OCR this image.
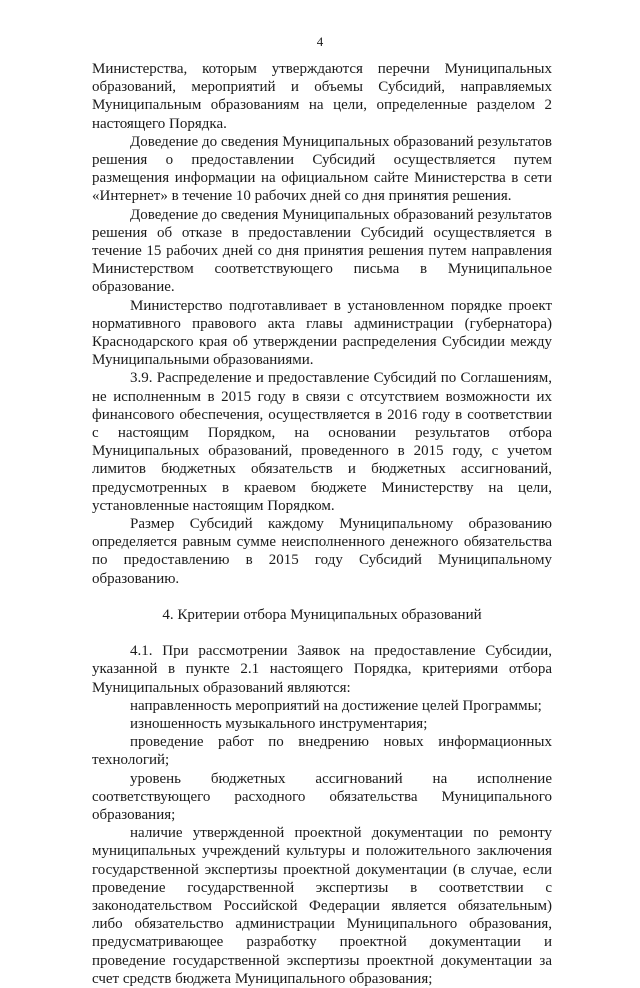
4

Министерства, которым утверждаются перечни Муниципальных образований, мероприятий и объемы Субсидий, направляемых Муниципальным образованиям на цели, определенные разделом 2 настоящего Порядка.

Доведение до сведения Муниципальных образований результатов решения о предоставлении Субсидий осуществляется путем размещения информации на официальном сайте Министерства в сети «Интернет» в течение 10 рабочих дней со дня принятия решения.

Доведение до сведения Муниципальных образований результатов решения об отказе в предоставлении Субсидий осуществляется в течение 15 рабочих дней со дня принятия решения путем направления Министерством соответствующего письма в Муниципальное образование.

Министерство подготавливает в установленном порядке проект нормативного правового акта главы администрации (губернатора) Краснодарского края об утверждении распределения Субсидии между Муниципальными образованиями.

3.9. Распределение и предоставление Субсидий по Соглашениям, не исполненным в 2015 году в связи с отсутствием возможности их финансового обеспечения, осуществляется в 2016 году в соответствии с настоящим Порядком, на основании результатов отбора Муниципальных образований, проведенного в 2015 году, с учетом лимитов бюджетных обязательств и бюджетных ассигнований, предусмотренных в краевом бюджете Министерству на цели, установленные настоящим Порядком.

Размер Субсидий каждому Муниципальному образованию определяется равным сумме неисполненного денежного обязательства по предоставлению в 2015 году Субсидий Муниципальному образованию.

4. Критерии отбора Муниципальных образований

4.1. При рассмотрении Заявок на предоставление Субсидии, указанной в пункте 2.1 настоящего Порядка, критериями отбора Муниципальных образований являются:

направленность мероприятий на достижение целей Программы;

изношенность музыкального инструментария;

проведение работ по внедрению новых информационных технологий;

уровень бюджетных ассигнований на исполнение соответствующего расходного обязательства Муниципального образования;

наличие утвержденной проектной документации по ремонту муниципальных учреждений культуры и положительного заключения государственной экспертизы проектной документации (в случае, если проведение государственной экспертизы в соответствии с законодательством Российской Федерации является обязательным) либо обязательство администрации Муниципального образования, предусматривающее разработку проектной документации и проведение государственной экспертизы проектной документации за счет средств бюджета Муниципального образования;
